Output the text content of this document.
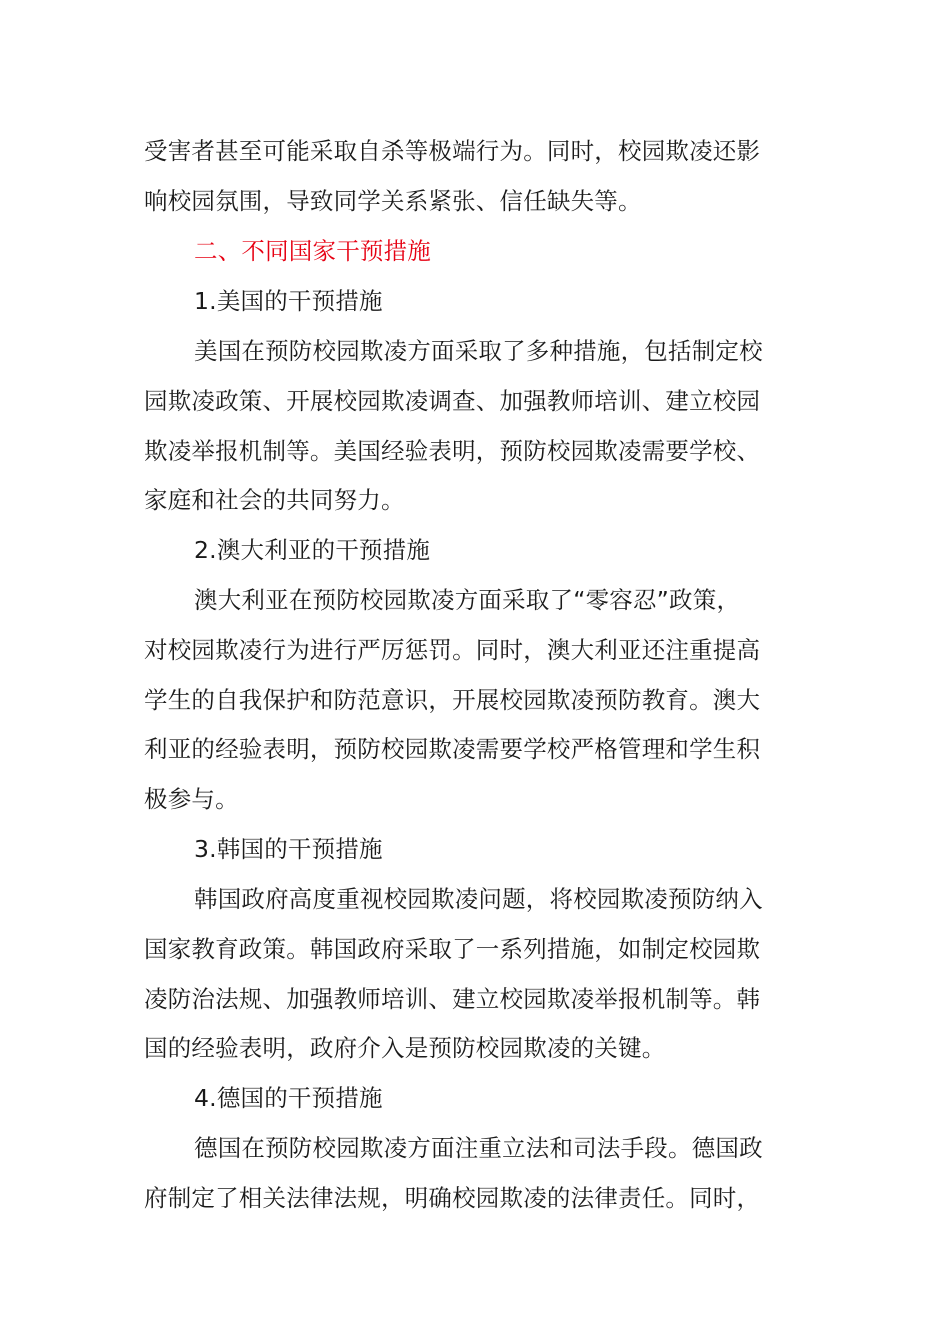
受害者甚至可能采取自杀等极端行为。同时，校园欺凌还影
响校园氛围，导致同学关系紧张、信任缺失等。
二、不同国家干预措施
1.美国的干预措施
美国在预防校园欺凌方面采取了多种措施，包括制定校
园欺凌政策、开展校园欺凌调查、加强教师培训、建立校园
欺凌举报机制等。美国经验表明，预防校园欺凌需要学校、
家庭和社会的共同努力。
2.澳大利亚的干预措施
澳大利亚在预防校园欺凌方面采取了“零容忍”政策，
对校园欺凌行为进行严厉惩罚。同时，澳大利亚还注重提高
学生的自我保护和防范意识，开展校园欺凌预防教育。澳大
利亚的经验表明，预防校园欺凌需要学校严格管理和学生积
极参与。
3.韩国的干预措施
韩国政府高度重视校园欺凌问题，将校园欺凌预防纳入
国家教育政策。韩国政府采取了一系列措施，如制定校园欺
凌防治法规、加强教师培训、建立校园欺凌举报机制等。韩
国的经验表明，政府介入是预防校园欺凌的关键。
4.德国的干预措施
德国在预防校园欺凌方面注重立法和司法手段。德国政
府制定了相关法律法规，明确校园欺凌的法律责任。同时，
